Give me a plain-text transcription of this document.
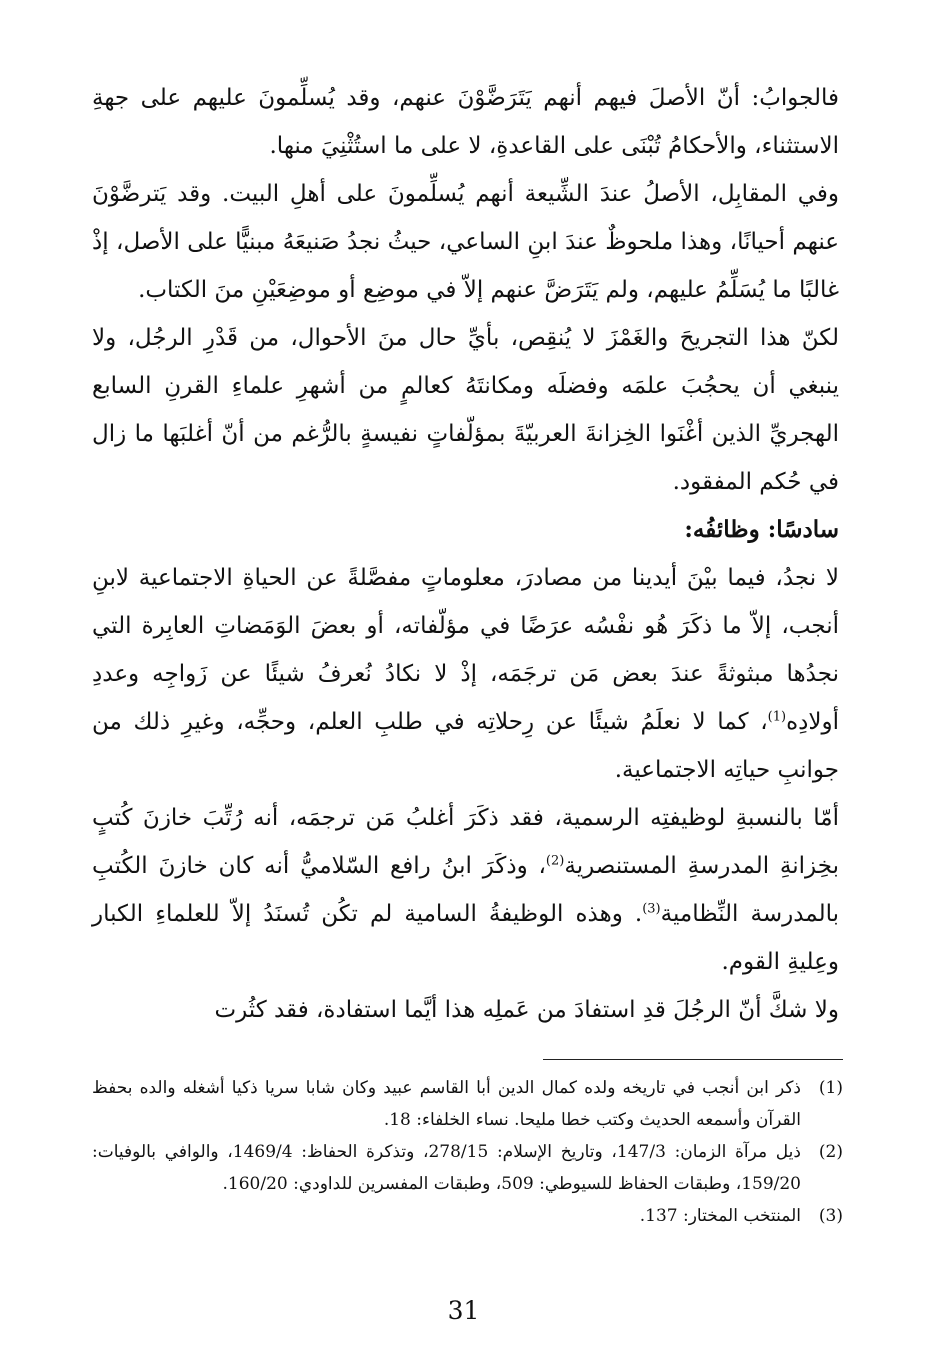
فالجوابُ: أنّ الأصلَ فيهم أنهم يَتَرَضَّوْنَ عنهم، وقد يُسلِّمونَ عليهم على جهةِ الاستثناء، والأحكامُ تُبْنَى على القاعدةِ، لا على ما استُثْنِيَ منها.

وفي المقابِل، الأصلُ عندَ الشِّيعة أنهم يُسلِّمونَ على أهلِ البيت. وقد يَترضَّوْنَ عنهم أحيانًا، وهذا ملحوظٌ عندَ ابنِ الساعي، حيثُ نجدُ صَنيعَهُ مبنيًّا على الأصل، إذْ غالبًا ما يُسَلِّمُ عليهم، ولم يَتَرَضَّ عنهم إلاّ في موضِع أو موضِعَيْنِ منَ الكتاب.

لكنّ هذا التجريحَ والغَمْزَ لا يُنقِص، بأيِّ حال منَ الأحوال، من قَدْرِ الرجُل، ولا ينبغي أن يحجُبَ علمَه وفضلَه ومكانتَهُ كعالمٍ من أشهرِ علماءِ القرنِ السابع الهجريِّ الذين أغْنَوا الخِزانةَ العربيّةَ بمؤلّفاتٍ نفيسةٍ بالرُّغم من أنّ أغلبَها ما زال في حُكم المفقود.

سادسًا: وظائفُه:

لا نجدُ، فيما بيْنَ أيدينا من مصادرَ، معلوماتٍ مفصَّلةً عن الحياةِ الاجتماعية لابنِ أنجب، إلاّ ما ذكَرَ هُو نفْسُه عرَضًا في مؤلّفاته، أو بعضَ الوَمَضاتِ العابِرة التي نجدُها مبثوثةً عندَ بعض مَن ترجَمَه، إذْ لا نكادُ نُعرفُ شيئًا عن زَواجِه وعددِ أولادِه$^{(1)}$، كما لا نعلَمُ شيئًا عن رِحلاتِه في طلبِ العلم، وحجِّه، وغيرِ ذلك من جوانبِ حياتِه الاجتماعية.

أمّا بالنسبةِ لوظيفتِه الرسمية، فقد ذكَرَ أغلبُ مَن ترجمَه، أنه رُتِّبَ خازنَ كُتبٍ بخِزانةِ المدرسةِ المستنصرية$^{(2)}$، وذكَرَ ابنُ رافع السّلاميُّ أنه كان خازنَ الكُتبِ بالمدرسة النِّظامية$^{(3)}$. وهذه الوظيفةُ السامية لم تكُن تُسنَدُ إلاّ للعلماءِ الكبار وعِليةِ القوم.

ولا شكَّ أنّ الرجُلَ قدِ استفادَ من عَملِه هذا أيَّما استفادة، فقد كثُرت

(1)
ذكر ابن أنجب في تاريخه ولده كمال الدين أبا القاسم عبيد وكان شابا سريا ذكيا أشغله والده بحفظ القرآن وأسمعه الحديث وكتب خطا مليحا. نساء الخلفاء: 18.
(2)
ذيل مرآة الزمان: 147/3، وتاريخ الإسلام: 278/15، وتذكرة الحفاظ: 1469/4، والوافي بالوفيات: 159/20، وطبقات الحفاظ للسيوطي: 509، وطبقات المفسرين للداودي: 160/20.
(3)
المنتخب المختار: 137.
31
